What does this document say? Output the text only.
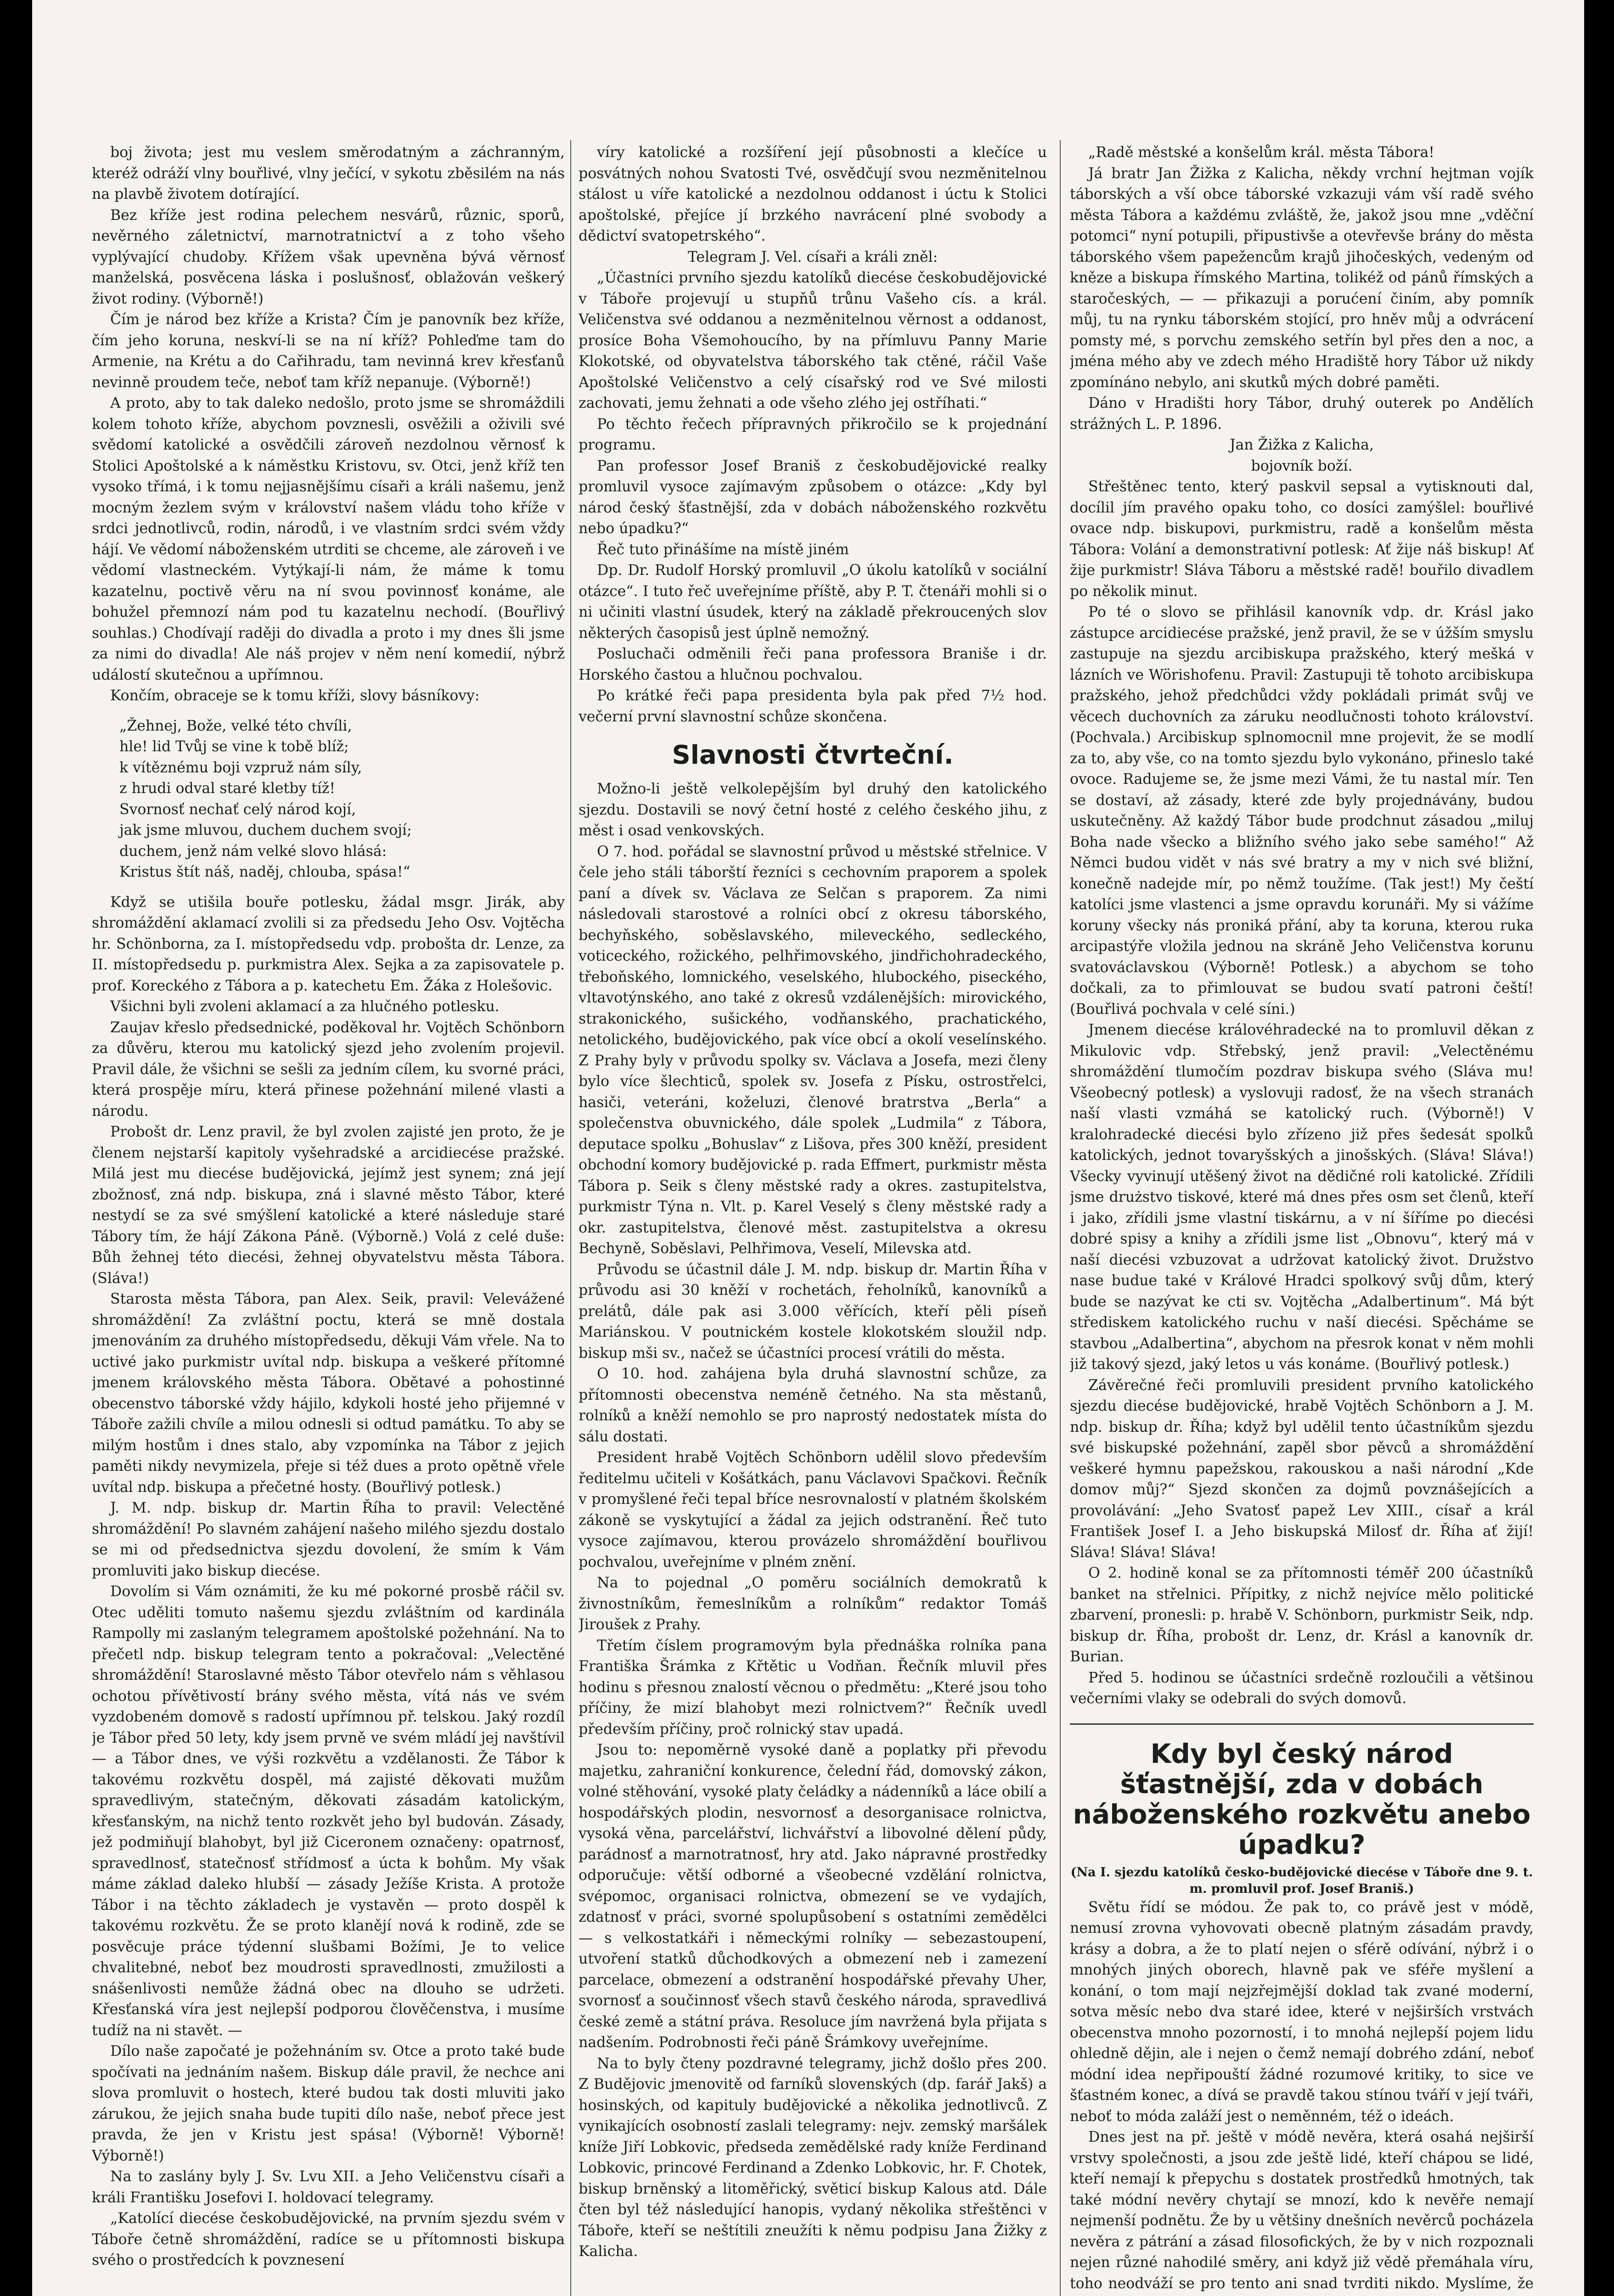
boj života; jest mu veslem směrodatným a záchranným, kteréž odráží vlny bouřlivé, vlny ječící, v sykotu zběsilém na nás na plavbě životem dotírající.

Bez kříže jest rodina pelechem nesvárů, různic, sporů, nevěrného záletnictví, marnotratnictví a z toho všeho vyplývající chudoby. Křížem však upevněna bývá věrnosť manželská, posvěcena láska i poslušnosť, oblažován veškerý život rodiny. (Výborně!)

Čím je národ bez kříže a Krista? Čím je panovník bez kříže, čím jeho koruna, neskví-li se na ní kříž? Pohleďme tam do Armenie, na Krétu a do Cařihradu, tam nevinná krev křesťanů nevinně proudem teče, neboť tam kříž nepanuje. (Výborně!)

A proto, aby to tak daleko nedošlo, proto jsme se shromáždili kolem tohoto kříže, abychom povznesli, osvěžili a oživili své svědomí katolické a osvědčili zároveň nezdolnou věrnosť k Stolici Apoštolské a k náměstku Kristovu, sv. Otci, jenž kříž ten vysoko třímá, i k tomu nejjasnějšímu císaři a králi našemu, jenž mocným žezlem svým v království našem vládu toho kříže v srdci jednotlivců, rodin, národů, i ve vlastním srdci svém vždy hájí. Ve vědomí náboženském utrditi se chceme, ale zároveň i ve vědomí vlastneckém. Vytýkají-li nám, že máme k tomu kazatelnu, poctivě věru na ní svou povinnosť konáme, ale bohužel přemnozí nám pod tu kazatelnu nechodí. (Bouřlivý souhlas.) Chodívají raději do divadla a proto i my dnes šli jsme za nimi do divadla! Ale náš projev v něm není komedií, nýbrž událostí skutečnou a upřímnou.

Končím, obraceje se k tomu kříži, slovy básníkovy:

„Žehnej, Bože, velké této chvíli,

hle! lid Tvůj se vine k tobě blíž;

k vítěznému boji vzpruž nám síly,

z hrudi odval staré kletby tíž!

Svornosť nechať celý národ kojí,

jak jsme mluvou, duchem duchem svojí;

duchem, jenž nám velké slovo hlásá:

Kristus štít náš, naděj, chlouba, spása!“

Když se utišila bouře potlesku, žádal msgr. Jirák, aby shromáždění aklamací zvolili si za předsedu Jeho Osv. Vojtěcha hr. Schönborna, za I. místopředsedu vdp. proboštа dr. Lenze, za II. místopředsedu p. purkmistra Alex. Sejka a za zapisovatele p. prof. Koreckého z Tábora a p. katechetu Em. Žáka z Holešovic.

Všichni byli zvoleni aklamací a za hlučného potlesku.

Zaujav křeslo předsednické, poděkoval hr. Vojtěch Schönborn za důvěru, kterou mu katolický sjezd jeho zvolením projevil. Pravil dále, že všichni se sešli za jedním cílem, ku svorné práci, která prospěje míru, která přinese požehnání milené vlasti a národu.

Probošt dr. Lenz pravil, že byl zvolen zajisté jen proto, že je členem nejstarší kapitoly vyšehradské a arcidiecése pražské. Milá jest mu diecése budějovická, jejímž jest synem; zná její zbožnosť, zná ndp. biskupa, zná i slavné město Tábor, které nestydí se za své smýšlení katolické a které následuje staré Tábory tím, že hájí Zákona Páně. (Výborně.) Volá z celé duše: Bůh žehnej této diecési, žehnej obyvatelstvu města Tábora. (Sláva!)

Starosta města Tábora, pan Alex. Seik, pravil: Velevážené shromáždění! Za zvláštní poctu, která se mně dostala jmenováním za druhého místopředsedu, děkuji Vám vřele. Na to uctivé jako purkmistr uvítal ndp. biskupa a veškeré přítomné jmenem královského města Tábora. Obětavé a pohostinné obecenstvo táborské vždy hájilo, kdykoli hosté jeho přijemné v Táboře zažili chvíle a milou odnesli si odtud památku. To aby se milým hostům i dnes stalo, aby vzpomínka na Tábor z jejich paměti nikdy nevymizela, přeje si též dues a proto opětně vřele uvítal ndp. biskupa a přečetné hosty. (Bouřlivý potlesk.)

J. M. ndp. biskup dr. Martin Říha to pravil: Velectěné shromáždění! Po slavném zahájení našeho milého sjezdu dostalo se mi od předsednictva sjezdu dovolení, že smím k Vám promluviti jako biskup diecése.

Dovolím si Vám oznámiti, že ku mé pokorné prosbě ráčil sv. Otec uděliti tomuto našemu sjezdu zvláštním od kardinála Rampolly mi zaslaným telegramem apoštolské požehnání. Na to přečetl ndp. biskup telegram tento a pokračoval: „Velectěné shromáždění! Staroslavné město Tábor otevřelo nám s věhlasou ochotou přívětivostí brány svého města, vítá nás ve svém vyzdobeném domově s radostí upřímnou př. telskou. Jaký rozdíl je Tábor před 50 lety, kdy jsem prvně ve svém mládí jej navštívil — a Tábor dnes, ve výši rozkvětu a vzdělanosti. Že Tábor k takovému rozkvětu dospěl, má zajisté děkovati mužům spravedlivým, statečným, děkovati zásadám katolickým, křesťanským, na nichž tento rozkvět jeho byl budován. Zásady, jež podmiňují blahobyt, byl již Ciceronem označeny: opatrnosť, spravedlnosť, statečnosť střídmosť a úcta k bohům. My však máme základ daleko hlubší — zásady Ježíše Krista. A protože Tábor i na těchto základech je vystavěn — proto dospěl k takovému rozkvětu. Že se proto klanějí nová k rodině, zde se posvěcuje práce týdenní slušbami Božími, Je to velice chvalitebné, neboť bez moudrosti spravedlnosti, zmužilosti a snášenlivosti nemůže žádná obec na dlouho se udržeti. Křesťanská víra jest nejlepší podporou člověčenstva, i musíme tudíž na ni stavět. —

Dílo naše započaté je požehnáním sv. Otce a proto také bude spočívati na jednáním našem. Biskup dále pravil, že nechce ani slova promluvit o hostech, které budou tak dosti mluviti jako zárukou, že jejich snaha bude tupiti dílo naše, neboť přece jest pravda, že jen v Kristu jest spása! (Výborně! Výborně! Výborně!)

Na to zaslány byly J. Sv. Lvu XII. a Jeho Veličenstvu císaři a králi Františku Josefovi I. holdovací telegramy.

„Katolící diecése českobudějovické, na prvním sjezdu svém v Táboře četně shromáždění, radíce se u přítomnosti biskupa svého o prostředcích k povznesení

víry katolické a rozšíření její působnosti a klečíce u posvátných nohou Svatosti Tvé, osvědčují svou nezměnitelnou stálost u víře katolické a nezdolnou oddanost i úctu k Stolici apoštolské, přejíce jí brzkého navrácení plné svobody a dědictví svatopetrského“.

Telegram J. Vel. císaři a králi zněl:

„Účastníci prvního sjezdu katolíků diecése českobudějovické v Táboře projevují u stupňů trůnu Vašeho cís. a král. Veličenstva své oddanou a nezměnitelnou věrnost a oddanost, prosíce Boha Všemohoucího, by na přímluvu Panny Marie Klokotské, od obyvatelstva táborského tak ctěné, ráčil Vaše Apoštolské Veličenstvo a celý císařský rod ve Své milosti zachovati, jemu žehnati a ode všeho zlého jej ostříhati.“

Po těchto řečech přípravných přikročilo se k projednání programu.

Pan professor Josef Braniš z českobudějovické realky promluvil vysoce zajímavým způsobem o otázce: „Kdy byl národ český šťastnější, zda v dobách náboženského rozkvětu nebo úpadku?“

Řeč tuto přinášíme na místě jiném

Dp. Dr. Rudolf Horský promluvil „O úkolu katolíků v sociální otázce“. I tuto řeč uveřejníme příště, aby P. T. čtenáři mohli si o ni učiniti vlastní úsudek, který na základě překroucených slov některých časopisů jest úplně nemožný.

Posluchači odměnili řeči pana professora Braniše i dr. Horského častou a hlučnou pochvalou.

Po krátké řeči papa presidenta byla pak před 7½ hod. večerní první slavnostní schůze skončena.

Slavnosti čtvrteční.

Možno-li ještě velkolepějším byl druhý den katolického sjezdu. Dostavili se nový četní hosté z celého českého jihu, z měst i osad venkovských.

O 7. hod. pořádal se slavnostní průvod u městské střelnice. V čele jeho stáli táborští řezníci s cechovním praporem a spolek paní a dívek sv. Václava ze Selčan s praporem. Za nimi následovali starostové a rolníci obcí z okresu táborského, bechyňského, soběslavského, mileveckého, sedleckého, voticeckého, rožického, pelhřimovského, jindřichohradeckého, třeboňského, lomnického, veselského, hlubockého, piseckého, vltavotýnského, ano také z okresů vzdálenějších: mirovického, strakonického, sušického, vodňanského, prachatického, netolického, budějovického, pak více obcí a okolí veselínského. Z Prahy byly v průvodu spolky sv. Václava a Josefa, mezi členy bylo více šlechticů, spolek sv. Josefa z Písku, ostrostřelci, hasiči, veteráni, koželuzi, členové bratrstva „Berla“ a společenstva obuvnického, dále spolek „Ludmila“ z Tábora, deputace spolku „Bohuslav“ z Lišova, přes 300 kněží, president obchodní komory budějovické p. rada Effmert, purkmistr města Tábora p. Seik s členy městské rady a okres. zastupitelstva, purkmistr Týna n. Vlt. p. Karel Veselý s členy městské rady a okr. zastupitelstva, členové měst. zastupitelstva a okresu Bechyně, Soběslavi, Pelhřimova, Veselí, Milevska atd.

Průvodu se účastnil dále J. M. ndp. biskup dr. Martin Říha v průvodu asi 30 kněží v rochetách, řeholníků, kanovníků a prelátů, dále pak asi 3.000 věřících, kteří pěli píseň Mariánskou. V poutnickém kostele klokotském sloužil ndp. biskup mši sv., načež se účastníci procesí vrátili do města.

O 10. hod. zahájena byla druhá slavnostní schůze, za přítomnosti obecenstva neméně četného. Na sta městanů, rolníků a kněží nemohlo se pro naprostý nedostatek místa do sálu dostati.

President hrabě Vojtěch Schönborn udělil slovo především ředitelmu učiteli v Košátkách, panu Václavovi Spačkovi. Řečník v promyšlené řeči tepal bříce nesrovnalostí v platném školském zákoně se vyskytující a žádal za jejich odstranění. Řeč tuto vysoce zajímavou, kterou provázelo shromáždění bouřlivou pochvalou, uveřejníme v plném znění.

Na to pojednal „O poměru sociálních demokratů k živnostníkům, řemeslníkům a rolníkům“ redaktor Tomáš Jiroušek z Prahy.

Třetím číslem programovým byla přednáška rolníka pana Františka Šrámka z Křtětic u Vodňan. Řečník mluvil přes hodinu s přesnou znalostí věcnou o předmětu: „Které jsou toho příčiny, že mizí blahobyt mezi rolnictvem?“ Řečník uvedl především příčiny, proč rolnický stav upadá.

Jsou to: nepoměrně vysoké daně a poplatky při převodu majetku, zahraniční konkurence, čelední řád, domovský zákon, volné stěhování, vysoké platy čeládky a nádenníků a láce obilí a hospodářských plodin, nesvornosť a desorganisace rolnictva, vysoká věna, parcelářství, lichvářství a libovolné dělení půdy, parádnosť a marnotratnosť, hry atd. Jako nápravné prostředky odporučuje: větší odborné a všeobecné vzdělání rolnictva, svépomoc, organisaci rolnictva, obmezení se ve vydajích, zdatnosť v práci, svorné spolupůsobení s ostatními zemědělci — s velkostatkáři i německými rolníky — sebezastoupení, utvoření statků důchodkových a obmezení neb i zamezení parcelace, obmezení a odstranění hospodářské převahy Uher, svornosť a součinnosť všech stavů českého národa, spravedlivá české země a státní práva. Resoluce jím navržená byla přijata s nadšením. Podrobnosti řeči páně Šrámkovy uveřejníme.

Na to byly čteny pozdravné telegramy, jichž došlo přes 200. Z Budějovic jmenovitě od farníků slovenských (dp. farář Jakš) a hosinských, od kapituly budějovické a několika jednotlivců. Z vynikajících osobností zaslali telegramy: nejv. zemský maršálek kníže Jiří Lobkovic, předseda zemědělské rady kníže Ferdinand Lobkovic, princové Ferdinand a Zdenko Lobkovic, hr. F. Chotek, biskup brněnský a litoměřický, světicí biskup Kalous atd. Dále čten byl též následující hanopis, vydaný několika střeštěnci v Táboře, kteří se neštítili zneužíti k němu podpisu Jana Žižky z Kalicha.

„Radě městské a konšelům král. města Tábora!

Já bratr Jan Žižka z Kalicha, někdy vrchní hejtman vojík táborských a vší obce táborské vzkazuji vám vší radě svého města Tábora a každému zvláště, že, jakož jsou mne „vděční potomci“ nyní potupili, připustivše a otevřevše brány do města táborského všem papežencům krajů jihočeských, vedeným od kněze a biskupa římského Martina, tolikéž od pánů římských a staročeských, — — přikazuji a porućení činím, aby pomník můj, tu na rynku táborském stojící, pro hněv můj a odvrácení pomsty mé, s porvchu zemského setřín byl přes den a noc, a jména mého aby ve zdech mého Hradiště hory Tábor už nikdy zpomínáno nebylo, ani skutků mých dobré paměti.

Dáno v Hradišti hory Tábor, druhý outerek po Andělích strážných L. P. 1896.

Jan Žižka z Kalicha,

bojovník boží.

Střeštěnec tento, který paskvil sepsal a vytisknouti dal, docílil jím pravého opaku toho, co dosíci zamýšlel: bouřlivé ovace ndp. biskupovi, purkmistru, radě a konšelům města Tábora: Volání a demonstrativní potlesk: Ať žije náš biskup! Ať žije purkmistr! Sláva Táboru a městské radě! bouřilo divadlem po několik minut.

Po té o slovo se přihlásil kanovník vdp. dr. Krásl jako zástupce arcidiecése pražské, jenž pravil, že se v úžším smyslu zastupuje na sjezdu arcibiskupa pražského, který mešká v lázních ve Wörishofenu. Pravil: Zastupuji tě tohoto arcibiskupa pražského, jehož předchůdci vždy pokládali primát svůj ve věcech duchovních za záruku neodlučnosti tohoto království. (Pochvala.) Arcibiskup splnomocnil mne projevit, že se modlí za to, aby vše, co na tomto sjezdu bylo vykonáno, přineslo také ovoce. Radujeme se, že jsme mezi Vámi, že tu nastal mír. Ten se dostaví, až zásady, které zde byly projednávány, budou uskutečněny. Až každý Tábor bude prodchnut zásadou „miluj Boha nade všecko a bližního svého jako sebe samého!“ Až Němci budou vidět v nás své bratry a my v nich své bližní, konečně nadejde mír, po němž toužíme. (Tak jest!) My čeští katolíci jsme vlastenci a jsme opravdu korunáři. My si vážíme koruny všecky nás proniká přání, aby ta koruna, kterou ruka arcipastýře vložila jednou na skráně Jeho Veličenstva korunu svatováclavskou (Výborně! Potlesk.) a abychom se toho dočkali, za to přimlouvat se budou svatí patroni čeští! (Bouřlivá pochvala v celé síni.)

Jmenem diecése královéhradecké na to promluvil děkan z Mikulovic vdp. Střebský, jenž pravil: „Velectěnému shromáždění tlumočím pozdrav biskupa svého (Sláva mu! Všeobecný potlesk) a vyslovuji radosť, že na všech stranách naší vlasti vzmáhá se katolický ruch. (Výborně!) V kralohradecké diecési bylo zřízeno již přes šedesát spolků katolických, jednot tovaryšských a jinošských. (Sláva! Sláva!) Všecky vyvinují utěšený život na dědičné roli katolické. Zřídili jsme drużstvo tiskové, které má dnes přes osm set členů, kteří i jako, zřídili jsme vlastní tiskárnu, a v ní šíříme po diecési dobré spisy a knihy a zřídili jsme list „Obnovu“, který má v naší diecési vzbuzovat a udržovat katolický život. Družstvo nase budue také v Králové Hradci spolkový svůj dům, který bude se nazývat ke cti sv. Vojtěcha „Adalbertinum“. Má být střediskem katolického ruchu v naší diecési. Spěcháme se stavbou „Adalbertina“, abychom na přesrok konat v něm mohli již takový sjezd, jaký letos u vás konáme. (Bouřlivý potlesk.)

Závěrečné řeči promluvili president prvního katolického sjezdu diecése budějovické, hrabě Vojtěch Schönborn a J. M. ndp. biskup dr. Říha; když byl udělil tento účastníkům sjezdu své biskupské požehnání, zapěl sbor pěvců a shromáždění veškeré hymnu papežskou, rakouskou a naši národní „Kde domov můj?“ Sjezd skončen za dojmů povznášejících a provolávání: „Jeho Svatosť papež Lev XIII., císař a král František Josef I. a Jeho biskupská Milosť dr. Říha ať žijí! Sláva! Sláva! Sláva!

O 2. hodině konal se za přítomnosti téměř 200 účastníků banket na střelnici. Přípitky, z nichž nejvíce mělo politické zbarvení, pronesli: p. hrabě V. Schönborn, purkmistr Seik, ndp. biskup dr. Říha, probošt dr. Lenz, dr. Krásl a kanovník dr. Burian.

Před 5. hodinou se účastníci srdečně rozloučili a většinou večerními vlaky se odebrali do svých domovů.

Kdy byl český národ šťastnější, zda v dobách náboženského rozkvětu anebo úpadku?

(Na I. sjezdu katolíků česko-budějovické diecése v Táboře dne 9. t. m. promluvil prof. Josef Braniš.)

Světu řídí se módou. Že pak to, co právě jest v módě, nemusí zrovna vyhovovati obecně platným zásadám pravdy, krásy a dobra, a že to platí nejen o sférě odívání, nýbrž i o mnohých jiných oborech, hlavně pak ve sféře myšlení a konání, o tom mají nejzřejmější doklad tak zvané moderní, sotva měsíc nebo dva staré idee, které v nejširších vrstvách obecenstva mnoho pozorností, i to mnohá nejlepší pojem lidu ohledně dějin, ale i nejen o čemž nemají dobrého zdání, neboť módní idea nepřipouští žádné rozumové kritiky, to sice ve šťastném konec, a dívá se pravdě takou stínou tváří v její tváři, neboť to móda zaláží jest o neměnném, též o ideách.

Dnes jest na př. ještě v módě nevěra, která osahá nejširší vrstvy společnosti, a jsou zde ještě lidé, kteří chápou se lidé, kteří nemají k přepychu s dostatek prostředků hmotných, tak také módní nevěry chytají se mnozí, kdo k nevěře nemají nejmenší podnětu. Že by u většiny dnešních nevěrců pocházela nevěra z pátrání a zásad filosofických, že by v nich rozpoznali nejen různé nahodilé směry, ani když již vědě přemáhala víru, toho neodváží se pro tento ani snad tvrditi nikdo. Myslíme, že
